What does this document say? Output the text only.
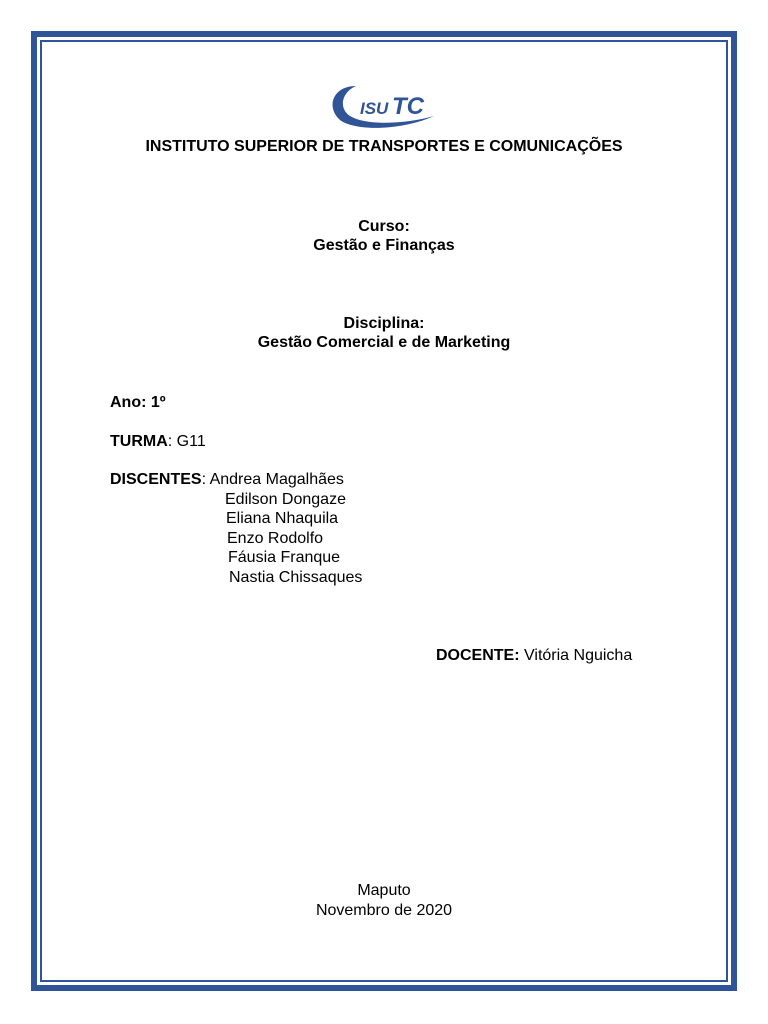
ISU TC
INSTITUTO SUPERIOR DE TRANSPORTES E COMUNICAÇÕES
Curso:
Gestão e Finanças
Disciplina:
Gestão Comercial e de Marketing
Ano: 1º
TURMA: G11
DISCENTES: Andrea Magalhães
Edilson Dongaze
Eliana Nhaquila
Enzo Rodolfo
Fáusia Franque
Nastia Chissaques
DOCENTE: Vitória Nguicha
Maputo
Novembro de 2020
